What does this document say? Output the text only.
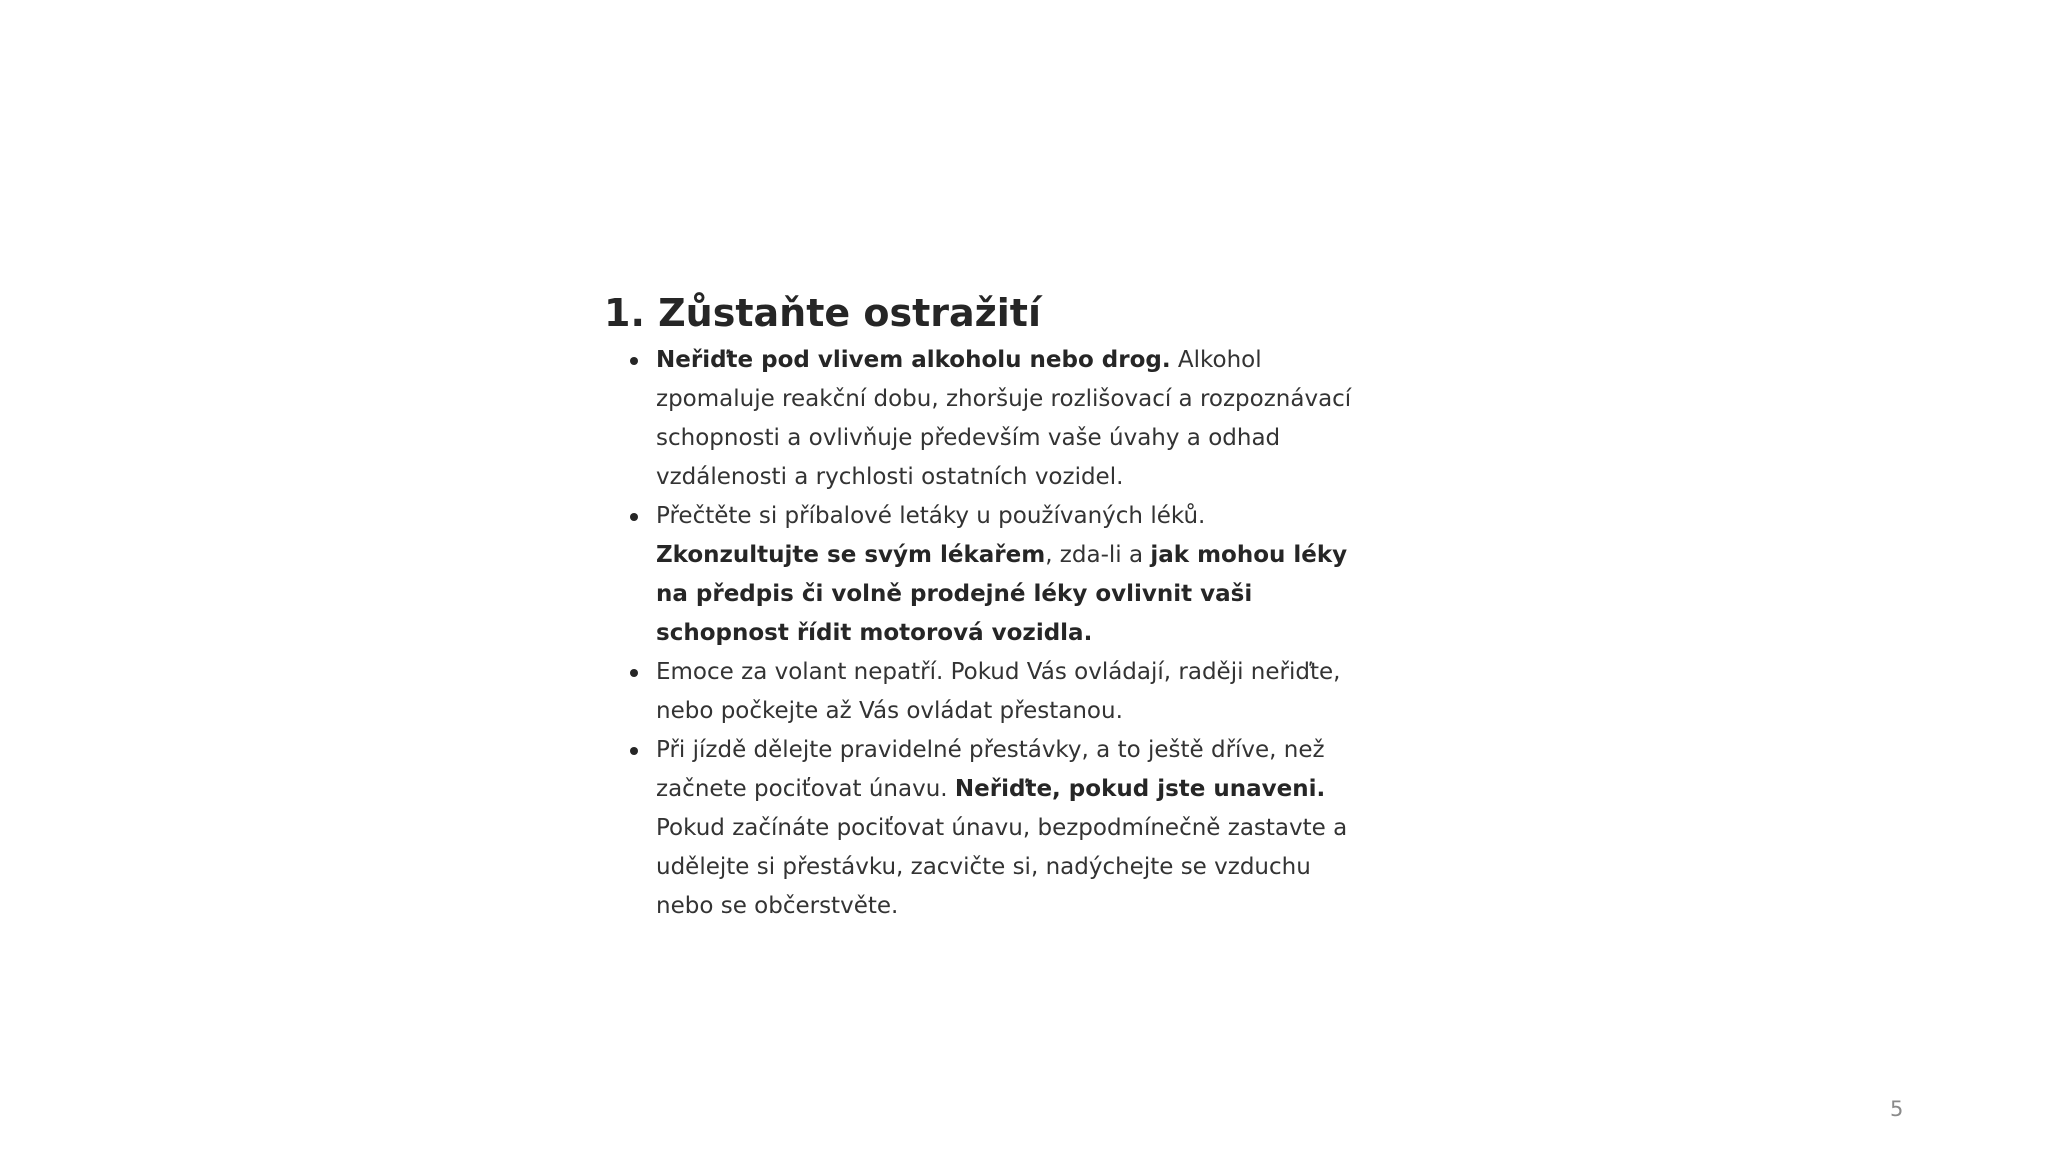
1. Zůstaňte ostražití
Neřiďte pod vlivem alkoholu nebo drog. Alkohol zpomaluje reakční dobu, zhoršuje rozlišovací a rozpoznávací schopnosti a ovlivňuje především vaše úvahy a odhad vzdálenosti a rychlosti ostatních vozidel.
Přečtěte si příbalové letáky u používaných léků. Zkonzultujte se svým lékařem, zda-li a jak mohou léky na předpis či volně prodejné léky ovlivnit vaši schopnost řídit motorová vozidla.
Emoce za volant nepatří. Pokud Vás ovládají, raději neřiďte, nebo počkejte až Vás ovládat přestanou.
Při jízdě dělejte pravidelné přestávky, a to ještě dříve, než začnete pociťovat únavu. Neřiďte, pokud jste unaveni. Pokud začínáte pociťovat únavu, bezpodmínečně zastavte a udělejte si přestávku, zacvičte si, nadýchejte se vzduchu nebo se občerstvěte.
5
